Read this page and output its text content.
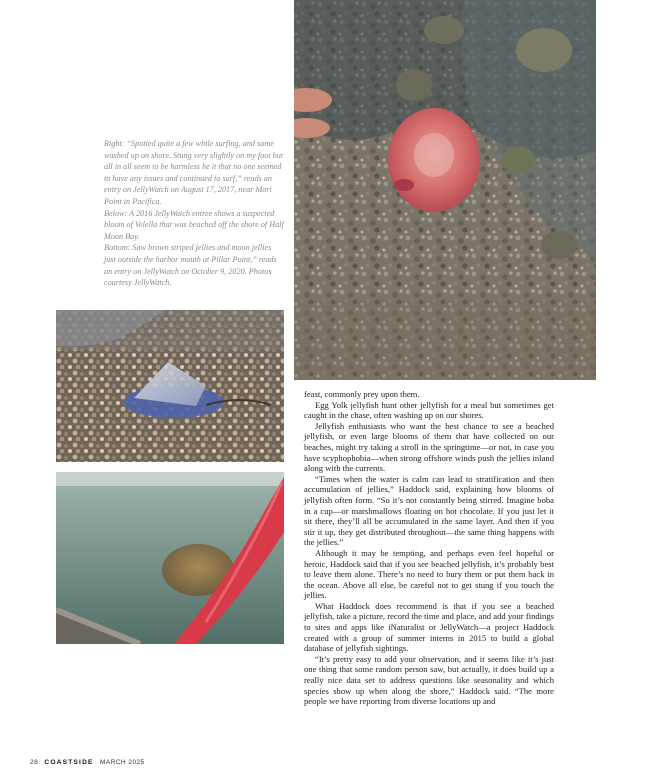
Right: “Spotted quite a few while surfing, and some washed up on shore. Stung very slightly on my foot but all in all seem to be harmless he it that no one seemed to have any issues and continued to surf,” reads an entry on JellyWatch on August 17, 2017, near Mori Point in Pacifica.

Below: A 2016 JellyWatch entree shows a suspected bloom of Velella that was beached off the shore of Half Moon Bay.

Bottom: Saw brown striped jellies and moon jellies just outside the harbor mouth at Pillar Point,” reads an entry on JellyWatch on October 9, 2020. Photos courtesy JellyWatch.

feast, commonly prey upon them.

Egg Yolk jellyfish hunt other jellyfish for a meal but sometimes get caught in the chase, often washing up on our shores.

Jellyfish enthusiasts who want the best chance to see a beached jellyfish, or even large blooms of them that have collected on our beaches, might try taking a stroll in the springtime—or not, in case you have scyphophobia—when strong offshore winds push the jellies inland along with the currents.

“Times when the water is calm can lead to stratification and then accumulation of jellies,” Haddock said, explaining how blooms of jellyfish often form. “So it’s not constantly being stirred. Imagine boba in a cup—or marshmallows floating on hot chocolate. If you just let it sit there, they’ll all be accumulated in the same layer. And then if you stir it up, they get distributed throughout—the same thing happens with the jellies.”

Although it may be tempting, and perhaps even feel hopeful or heroic, Haddock said that if you see beached jellyfish, it’s probably best to leave them alone. There’s no need to bury them or put them back in the ocean. Above all else, be careful not to get stung if you touch the jellies.

What Haddock does recommend is that if you see a beached jellyfish, take a picture, record the time and place, and add your findings to sites and apps like iNaturalist or JellyWatch—a project Haddock created with a group of summer interns in 2015 to build a global database of jellyfish sightings.

“It’s pretty easy to add your observation, and it seems like it’s just one thing that some random person saw, but actually, it does build up a really nice data set to address questions like seasonality and which species show up when along the shore,” Haddock said. “The more people we have reporting from diverse locations up and

28 COASTSIDE MARCH 2025
